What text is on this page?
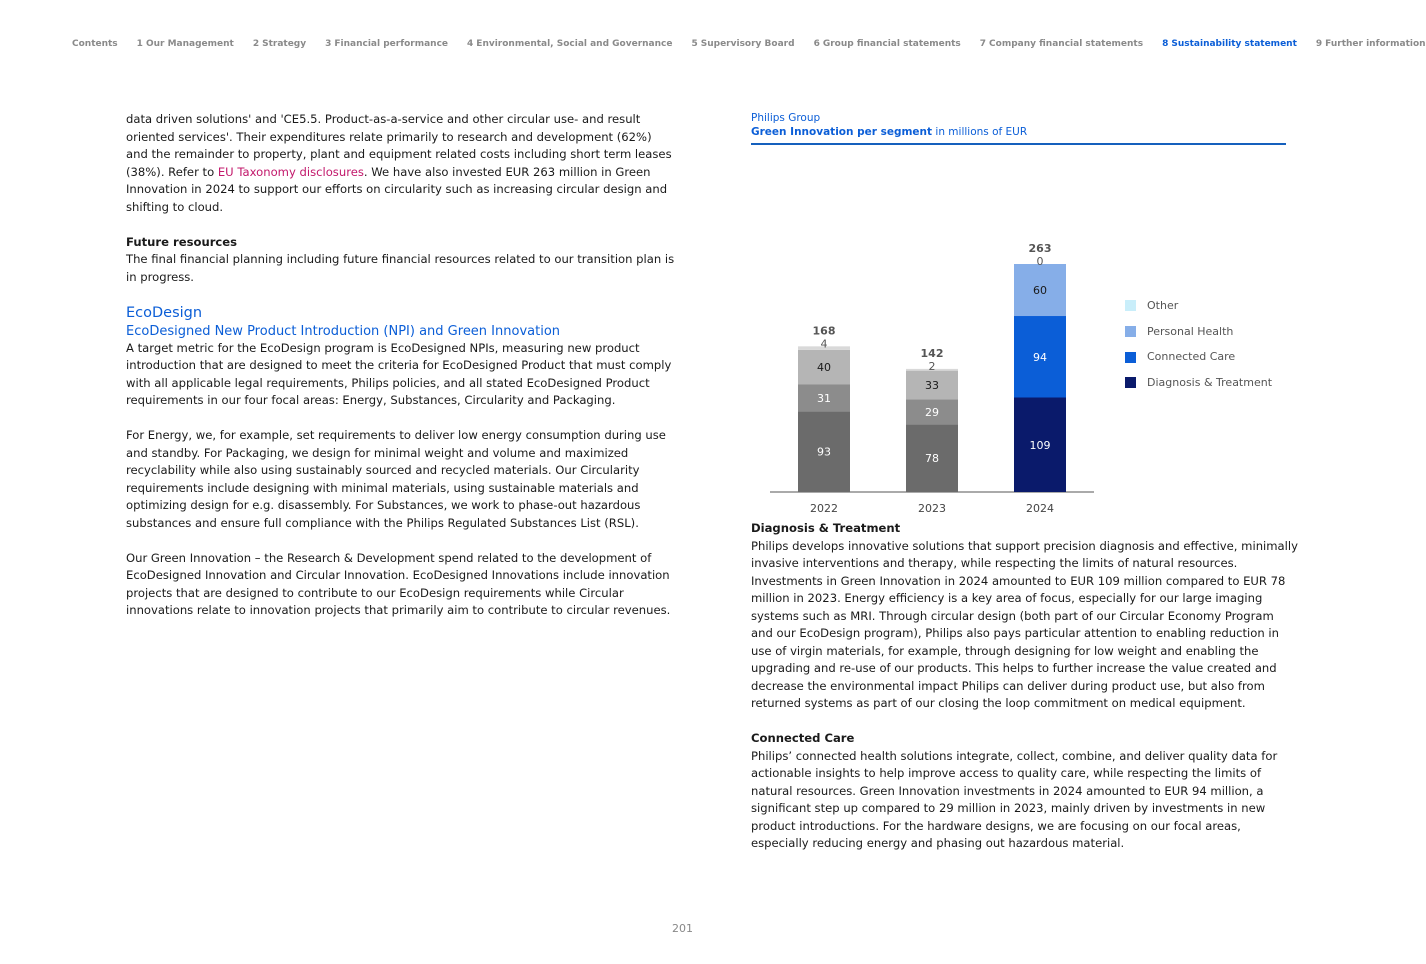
Contents 1 Our Management 2 Strategy 3 Financial performance 4 Environmental, Social and Governance 5 Supervisory Board 6 Group financial statements 7 Company financial statements 8 Sustainability statement 9 Further information

data driven solutions' and 'CE5.5. Product-as-a-service and other circular use- and result oriented services'. Their expenditures relate primarily to research and development (62%) and the remainder to property, plant and equipment related costs including short term leases (38%). Refer to EU Taxonomy disclosures. We have also invested EUR 263 million in Green Innovation in 2024 to support our efforts on circularity such as increasing circular design and shifting to cloud.

Future resources

The final financial planning including future financial resources related to our transition plan is in progress.

EcoDesign

EcoDesigned New Product Introduction (NPI) and Green Innovation

A target metric for the EcoDesign program is EcoDesigned NPIs, measuring new product introduction that are designed to meet the criteria for EcoDesigned Product that must comply with all applicable legal requirements, Philips policies, and all stated EcoDesigned Product requirements in our four focal areas: Energy, Substances, Circularity and Packaging.

For Energy, we, for example, set requirements to deliver low energy consumption during use and standby. For Packaging, we design for minimal weight and volume and maximized recyclability while also using sustainably sourced and recycled materials. Our Circularity requirements include designing with minimal materials, using sustainable materials and optimizing design for e.g. disassembly. For Substances, we work to phase-out hazardous substances and ensure full compliance with the Philips Regulated Substances List (RSL).

Our Green Innovation – the Research & Development spend related to the development of EcoDesigned Innovation and Circular Innovation. EcoDesigned Innovations include innovation projects that are designed to contribute to our EcoDesign requirements while Circular innovations relate to innovation projects that primarily aim to contribute to circular revenues.

Philips Group
Green Innovation per segment in millions of EUR
93
31
40
4
168
2022
78
29
33
2
142
2023
109
94
60
0
263
2024
Other
Personal Health
Connected Care
Diagnosis & Treatment

Diagnosis & Treatment

Philips develops innovative solutions that support precision diagnosis and effective, minimally invasive interventions and therapy, while respecting the limits of natural resources. Investments in Green Innovation in 2024 amounted to EUR 109 million compared to EUR 78 million in 2023. Energy efficiency is a key area of focus, especially for our large imaging systems such as MRI. Through circular design (both part of our Circular Economy Program and our EcoDesign program), Philips also pays particular attention to enabling reduction in use of virgin materials, for example, through designing for low weight and enabling the upgrading and re-use of our products. This helps to further increase the value created and decrease the environmental impact Philips can deliver during product use, but also from returned systems as part of our closing the loop commitment on medical equipment.

Connected Care

Philips’ connected health solutions integrate, collect, combine, and deliver quality data for actionable insights to help improve access to quality care, while respecting the limits of natural resources. Green Innovation investments in 2024 amounted to EUR 94 million, a significant step up compared to 29 million in 2023, mainly driven by investments in new product introductions. For the hardware designs, we are focusing on our focal areas, especially reducing energy and phasing out hazardous material.

201
